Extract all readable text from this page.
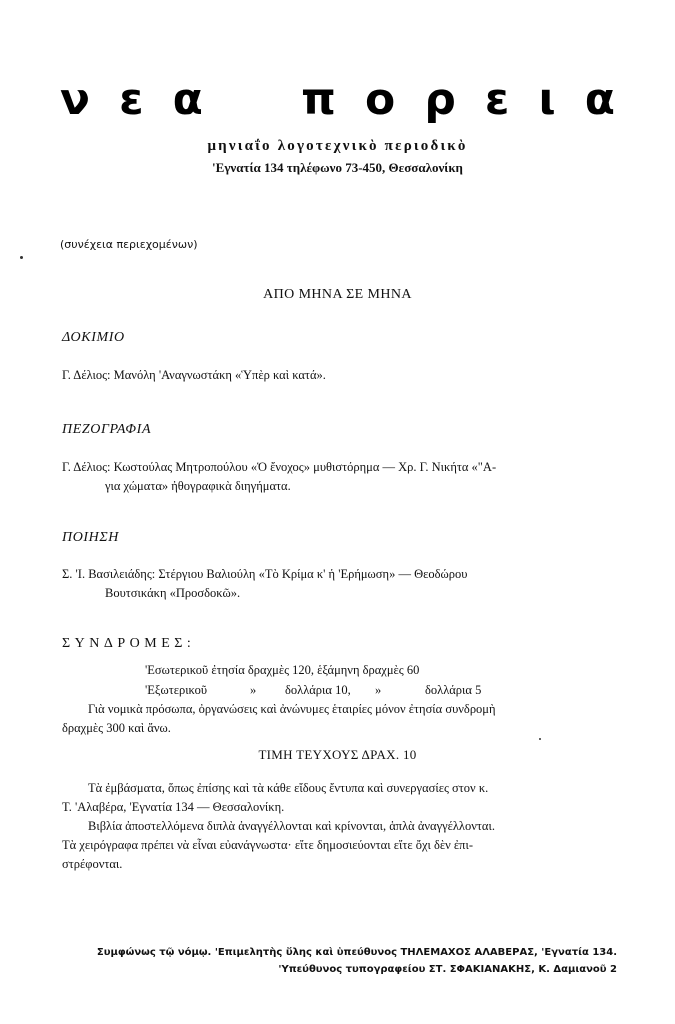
ν ε α π ο ρ ε ι α
μηνιαΐο λογοτεχνικὸ περιοδικὸ
'Εγνατία 134 τηλέφωνο 73-450, Θεσσαλονίκη
(συνέχεια περιεχομένων)
ΑΠΟ ΜΗΝΑ ΣΕ ΜΗΝΑ
ΔΟΚΙΜΙΟ
Γ. Δέλιος: Μανόλη 'Αναγνωστάκη «Ὑπὲρ καὶ κατά».
ΠΕΖΟΓΡΑΦΙΑ
Γ. Δέλιος: Κωστούλας Μητροπούλου «Ὁ ἔνοχος» μυθιστόρημα — Χρ. Γ. Νικήτα «"Α-
για χώματα» ἠθογραφικὰ διηγήματα.
ΠΟΙΗΣΗ
Σ. 'Ι. Βασιλειάδης: Στέργιου Βαλιούλη «Τὸ Κρίμα κ' ἡ 'Ερήμωση» — Θεοδώρου
Βουτσικάκη «Προσδοκῶ».
ΣΥΝΔΡΟΜΕΣ:
'Εσωτερικοῦ ἐτησία δραχμὲς 120, ἑξάμηνη δραχμὲς 60
'Εξωτερικοῦ	» δολλάρια 10, »	δολλάρια 5
Γιὰ νομικὰ πρόσωπα, ὀργανώσεις καὶ ἀνώνυμες ἑταιρίες μόνον ἐτησία συνδρομὴ
δραχμὲς 300 καὶ ἄνω.
ΤΙΜΗ ΤΕΥΧΟΥΣ ΔΡΑΧ. 10
Τὰ ἐμβάσματα, ὅπως ἐπίσης καὶ τὰ κάθε εἴδους ἔντυπα καὶ συνεργασίες στον κ.
Τ. 'Αλαβέρα, 'Εγνατία 134 — Θεσσαλονίκη.
Βιβλία ἀποστελλόμενα διπλὰ ἀναγγέλλονται καὶ κρίνονται, ἁπλὰ ἀναγγέλλονται.
Τὰ χειρόγραφα πρέπει νὰ εἶναι εὐανάγνωστα· εἴτε δημοσιεύονται εἴτε ὄχι δὲν ἐπι-
στρέφονται.
Συμφώνως τῷ νόμῳ. 'Επιμελητὴς ὕλης καὶ ὑπεύθυνος ΤΗΛΕΜΑΧΟΣ ΑΛΑΒΕΡΑΣ, 'Εγνατία 134.
'Υπεύθυνος τυπογραφείου ΣΤ. ΣΦΑΚΙΑΝΑΚΗΣ, Κ. Δαμιανοῦ 2
